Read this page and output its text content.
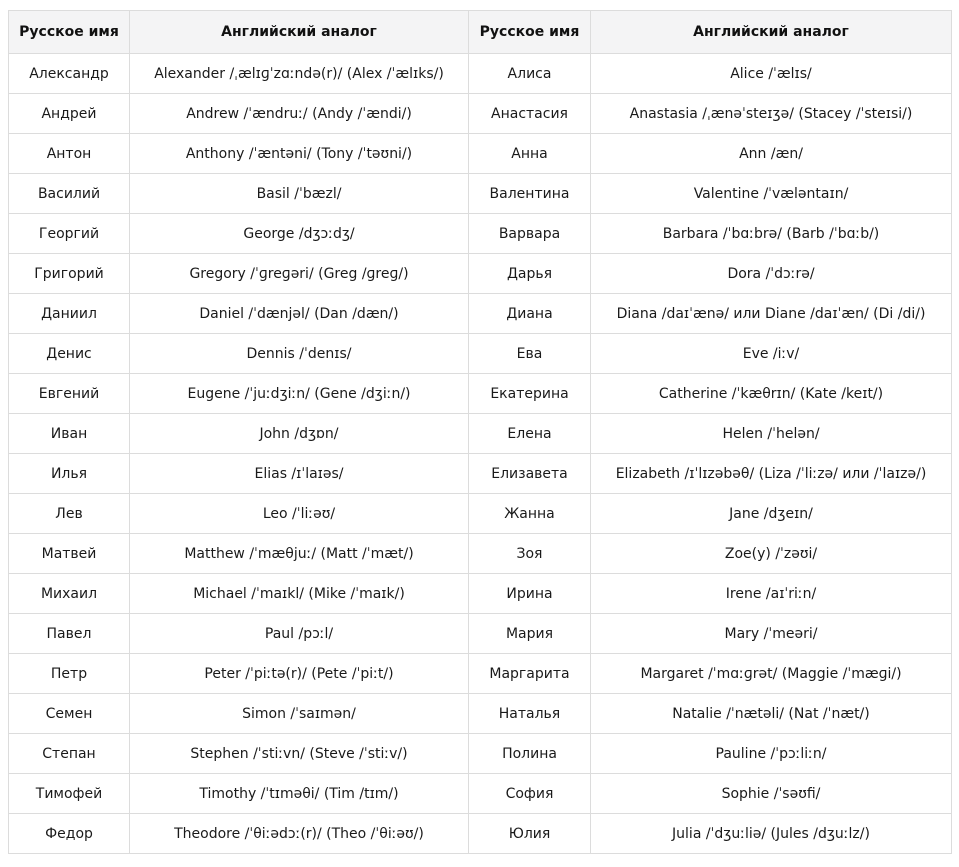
Русское имя	Английский аналог	Русское имя	Английский аналог
Александр	Alexander /ˌælɪɡˈzɑːndə(r)/ (Alex /ˈælɪks/)	Алиса	Alice /ˈælɪs/
Андрей	Andrew /ˈændruː/ (Andy /ˈændi/)	Анастасия	Anastasia /ˌænəˈsteɪʒə/ (Stacey /ˈsteɪsi/)
Антон	Anthony /ˈæntəni/ (Tony /ˈtəʊni/)	Анна	Ann /æn/
Василий	Basil /ˈbæzl/	Валентина	Valentine /ˈvæləntaɪn/
Георгий	George /dʒɔːdʒ/	Варвара	Barbara /ˈbɑːbrə/ (Barb /ˈbɑːb/)
Григорий	Gregory /ˈɡreɡəri/ (Greg /ɡreɡ/)	Дарья	Dora /ˈdɔːrə/
Даниил	Daniel /ˈdænjəl/ (Dan /dæn/)	Диана	Diana /daɪˈænə/ или Diane /daɪˈæn/ (Di /di/)
Денис	Dennis /ˈdenɪs/	Ева	Eve /iːv/
Евгений	Eugene /ˈjuːdʒiːn/ (Gene /dʒiːn/)	Екатерина	Catherine /ˈkæθrɪn/ (Kate /keɪt/)
Иван	John /dʒɒn/	Елена	Helen /ˈhelən/
Илья	Elias /ɪˈlaɪəs/	Елизавета	Elizabeth /ɪˈlɪzəbəθ/ (Liza /ˈliːzə/ или /ˈlaɪzə/)
Лев	Leo /ˈliːəʊ/	Жанна	Jane /dʒeɪn/
Матвей	Matthew /ˈmæθjuː/ (Matt /ˈmæt/)	Зоя	Zoe(y) /ˈzəʊi/
Михаил	Michael /ˈmaɪkl/ (Mike /ˈmaɪk/)	Ирина	Irene /aɪˈriːn/
Павел	Paul /pɔːl/	Мария	Mary /ˈmeəri/
Петр	Peter /ˈpiːtə(r)/ (Pete /ˈpiːt/)	Маргарита	Margaret /ˈmɑːɡrət/ (Maggie /ˈmæɡi/)
Семен	Simon /ˈsaɪmən/	Наталья	Natalie /ˈnætəli/ (Nat /ˈnæt/)
Степан	Stephen /ˈstiːvn/ (Steve /ˈstiːv/)	Полина	Pauline /ˈpɔːliːn/
Тимофей	Timothy /ˈtɪməθi/ (Tim /tɪm/)	София	Sophie /ˈsəʊfi/
Федор	Theodore /ˈθiːədɔː(r)/ (Theo /ˈθiːəʊ/)	Юлия	Julia /ˈdʒuːliə/ (Jules /dʒuːlz/)
